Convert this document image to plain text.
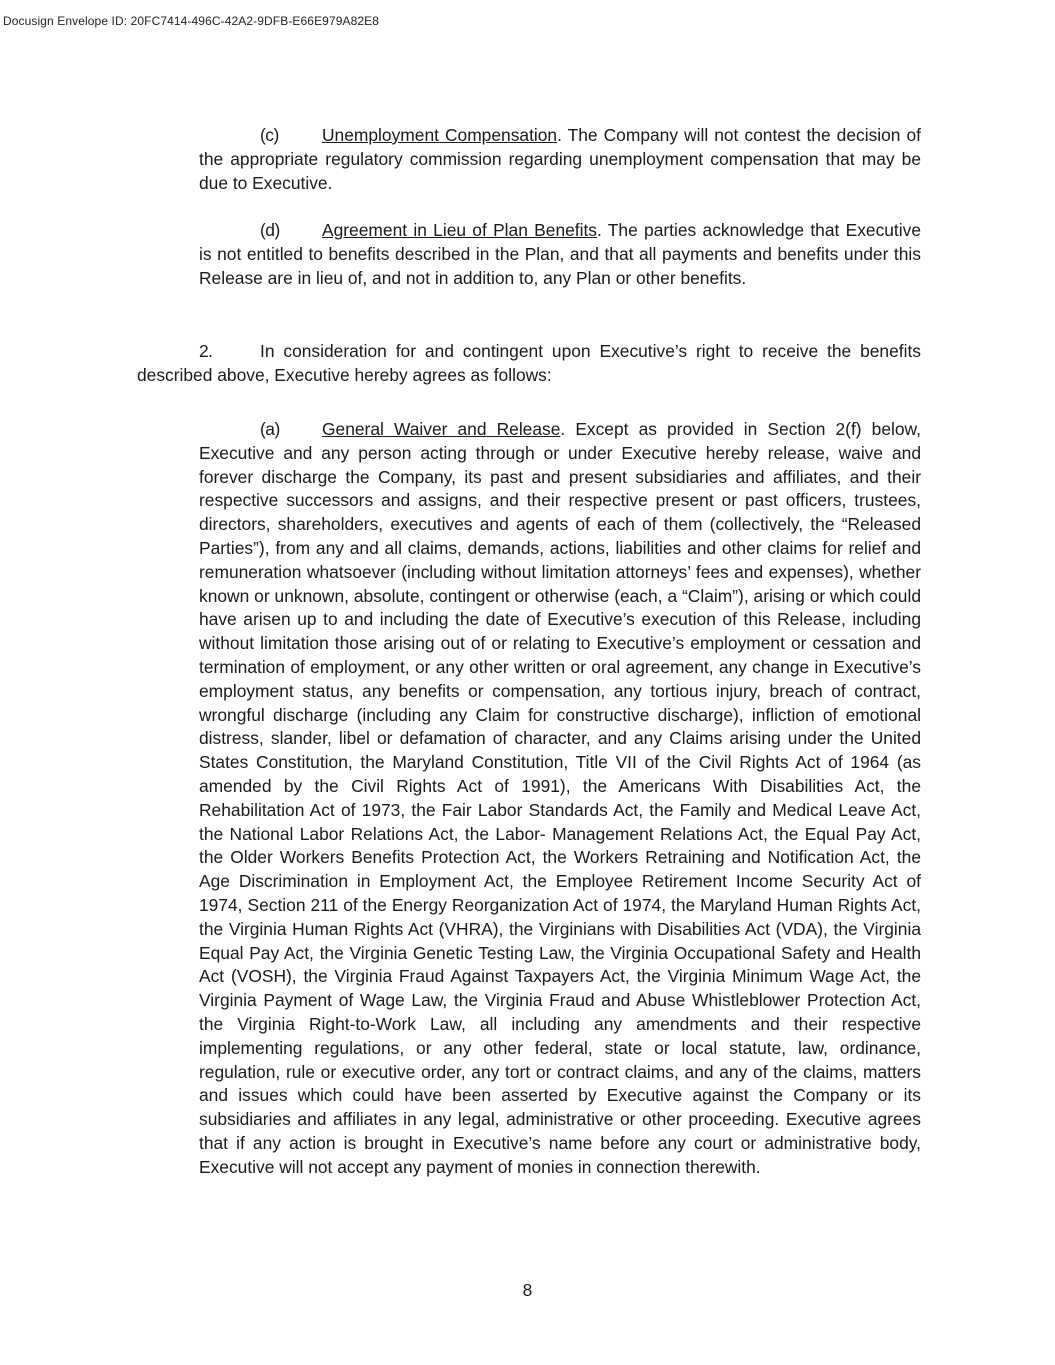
Docusign Envelope ID: 20FC7414-496C-42A2-9DFB-E66E979A82E8

(c) Unemployment Compensation. The Company will not contest the decision of the appropriate regulatory commission regarding unemployment compensation that may be due to Executive.

(d) Agreement in Lieu of Plan Benefits. The parties acknowledge that Executive is not entitled to benefits described in the Plan, and that all payments and benefits under this Release are in lieu of, and not in addition to, any Plan or other benefits.

2.	In consideration for and contingent upon Executive’s right to receive the benefits described above, Executive hereby agrees as follows:

(a) General Waiver and Release. Except as provided in Section 2(f) below, Executive and any person acting through or under Executive hereby release, waive and forever discharge the Company, its past and present subsidiaries and affiliates, and their respective successors and assigns, and their respective present or past officers, trustees, directors, shareholders, executives and agents of each of them (collectively, the “Released Parties”), from any and all claims, demands, actions, liabilities and other claims for relief and remuneration whatsoever (including without limitation attorneys’ fees and expenses), whether known or unknown, absolute, contingent or otherwise (each, a “Claim”), arising or which could have arisen up to and including the date of Executive’s execution of this Release, including without limitation those arising out of or relating to Executive’s employment or cessation and termination of employment, or any other written or oral agreement, any change in Executive’s employment status, any benefits or compensation, any tortious injury, breach of contract, wrongful discharge (including any Claim for constructive discharge), infliction of emotional distress, slander, libel or defamation of character, and any Claims arising under the United States Constitution, the Maryland Constitution, Title VII of the Civil Rights Act of 1964 (as amended by the Civil Rights Act of 1991), the Americans With Disabilities Act, the Rehabilitation Act of 1973, the Fair Labor Standards Act, the Family and Medical Leave Act, the National Labor Relations Act, the Labor- Management Relations Act, the Equal Pay Act, the Older Workers Benefits Protection Act, the Workers Retraining and Notification Act, the Age Discrimination in Employment Act, the Employee Retirement Income Security Act of 1974, Section 211 of the Energy Reorganization Act of 1974, the Maryland Human Rights Act, the Virginia Human Rights Act (VHRA), the Virginians with Disabilities Act (VDA), the Virginia Equal Pay Act, the Virginia Genetic Testing Law, the Virginia Occupational Safety and Health Act (VOSH), the Virginia Fraud Against Taxpayers Act, the Virginia Minimum Wage Act, the Virginia Payment of Wage Law, the Virginia Fraud and Abuse Whistleblower Protection Act, the Virginia Right-to-Work Law, all including any amendments and their respective implementing regulations, or any other federal, state or local statute, law, ordinance, regulation, rule or executive order, any tort or contract claims, and any of the claims, matters and issues which could have been asserted by Executive against the Company or its subsidiaries and affiliates in any legal, administrative or other proceeding. Executive agrees that if any action is brought in Executive’s name before any court or administrative body, Executive will not accept any payment of monies in connection therewith.

8
